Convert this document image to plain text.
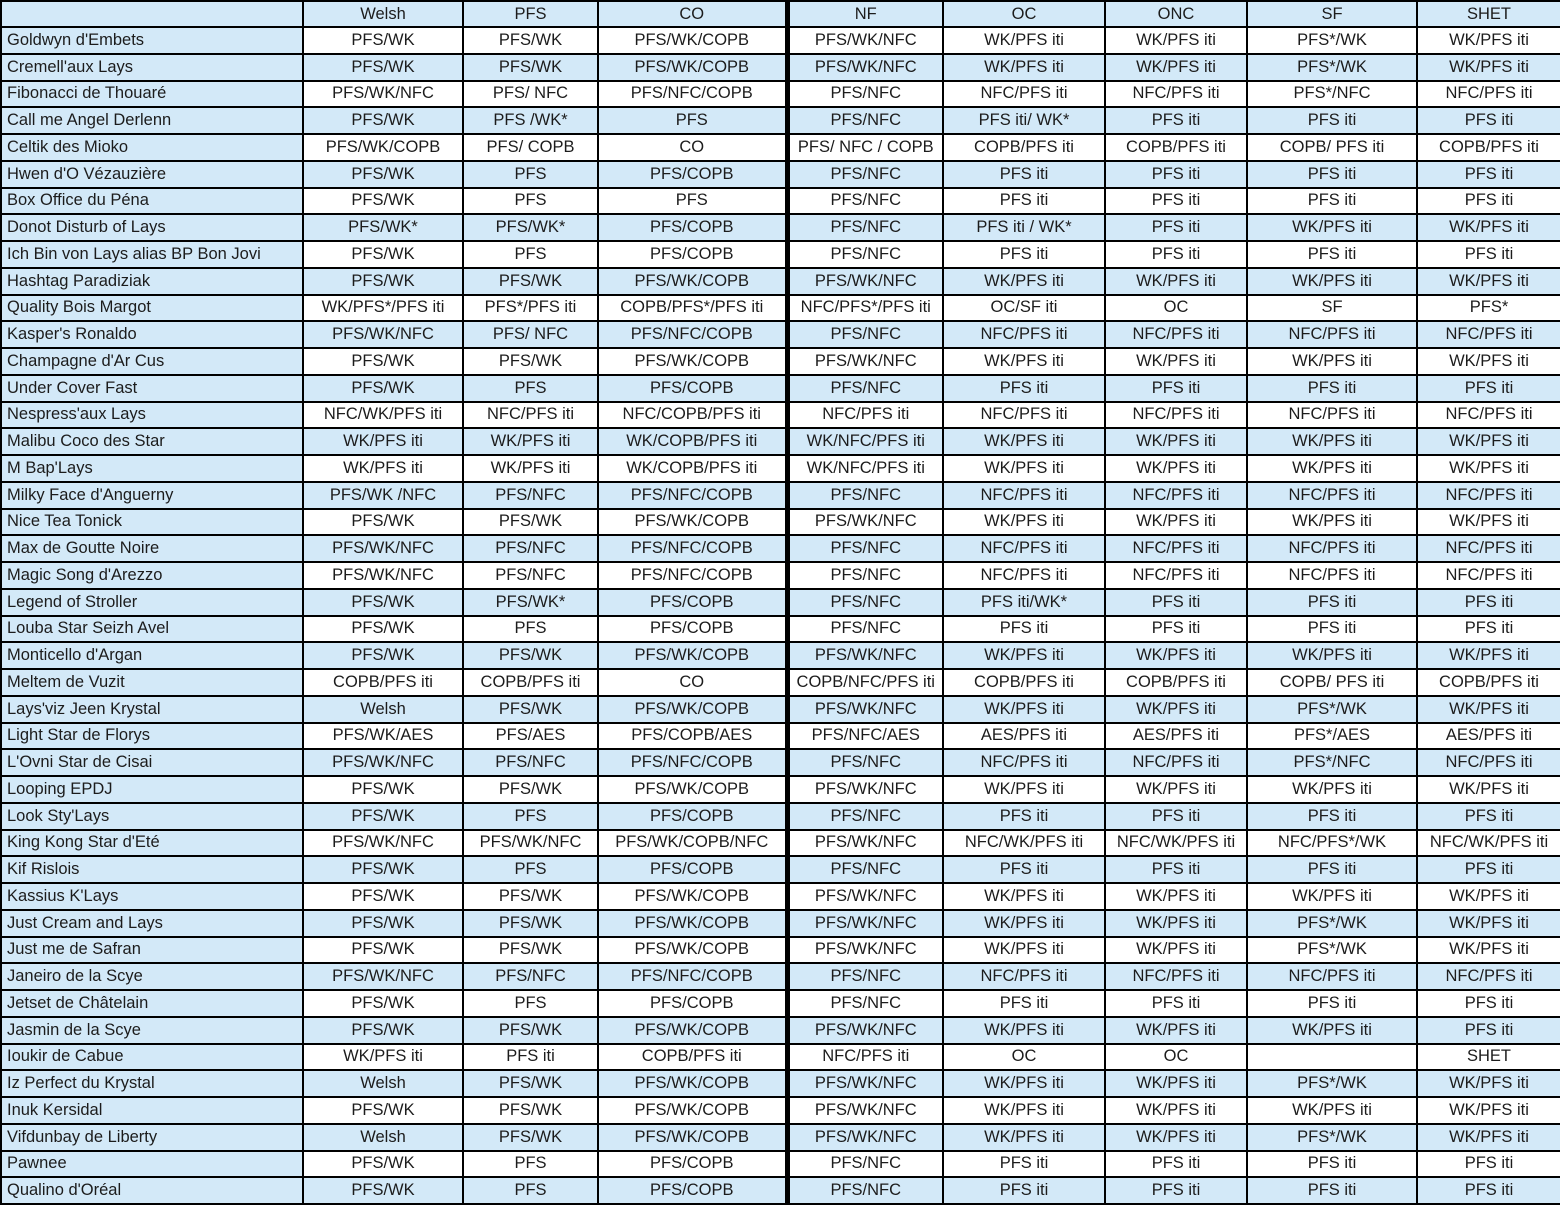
	Welsh	PFS	CO	NF	OC	ONC	SF	SHET
Goldwyn d'Embets	PFS/WK	PFS/WK	PFS/WK/COPB	PFS/WK/NFC	WK/PFS iti	WK/PFS iti	PFS*/WK	WK/PFS iti
Cremell'aux Lays	PFS/WK	PFS/WK	PFS/WK/COPB	PFS/WK/NFC	WK/PFS iti	WK/PFS iti	PFS*/WK	WK/PFS iti
Fibonacci de Thouaré	PFS/WK/NFC	PFS/ NFC	PFS/NFC/COPB	PFS/NFC	NFC/PFS iti	NFC/PFS iti	PFS*/NFC	NFC/PFS iti
Call me Angel Derlenn	PFS/WK	PFS /WK*	PFS	PFS/NFC	PFS iti/ WK*	PFS iti	PFS iti	PFS iti
Celtik des Mioko	PFS/WK/COPB	PFS/ COPB	CO	PFS/ NFC / COPB	COPB/PFS iti	COPB/PFS iti	COPB/ PFS iti	COPB/PFS iti
Hwen d'O Vézauzière	PFS/WK	PFS	PFS/COPB	PFS/NFC	PFS iti	PFS iti	PFS iti	PFS iti
Box Office du Péna	PFS/WK	PFS	PFS	PFS/NFC	PFS iti	PFS iti	PFS iti	PFS iti
Donot Disturb of Lays	PFS/WK*	PFS/WK*	PFS/COPB	PFS/NFC	PFS iti / WK*	PFS iti	WK/PFS iti	WK/PFS iti
Ich Bin von Lays alias BP Bon Jovi	PFS/WK	PFS	PFS/COPB	PFS/NFC	PFS iti	PFS iti	PFS iti	PFS iti
Hashtag Paradiziak	PFS/WK	PFS/WK	PFS/WK/COPB	PFS/WK/NFC	WK/PFS iti	WK/PFS iti	WK/PFS iti	WK/PFS iti
Quality Bois Margot	WK/PFS*/PFS iti	PFS*/PFS iti	COPB/PFS*/PFS iti	NFC/PFS*/PFS iti	OC/SF iti	OC	SF	PFS*
Kasper's Ronaldo	PFS/WK/NFC	PFS/ NFC	PFS/NFC/COPB	PFS/NFC	NFC/PFS iti	NFC/PFS iti	NFC/PFS iti	NFC/PFS iti
Champagne d'Ar Cus	PFS/WK	PFS/WK	PFS/WK/COPB	PFS/WK/NFC	WK/PFS iti	WK/PFS iti	WK/PFS iti	WK/PFS iti
Under Cover Fast	PFS/WK	PFS	PFS/COPB	PFS/NFC	PFS iti	PFS iti	PFS iti	PFS iti
Nespress'aux Lays	NFC/WK/PFS iti	NFC/PFS iti	NFC/COPB/PFS iti	NFC/PFS iti	NFC/PFS iti	NFC/PFS iti	NFC/PFS iti	NFC/PFS iti
Malibu Coco des Star	WK/PFS iti	WK/PFS iti	WK/COPB/PFS iti	WK/NFC/PFS iti	WK/PFS iti	WK/PFS iti	WK/PFS iti	WK/PFS iti
M Bap'Lays	WK/PFS iti	WK/PFS iti	WK/COPB/PFS iti	WK/NFC/PFS iti	WK/PFS iti	WK/PFS iti	WK/PFS iti	WK/PFS iti
Milky Face d'Anguerny	PFS/WK /NFC	PFS/NFC	PFS/NFC/COPB	PFS/NFC	NFC/PFS iti	NFC/PFS iti	NFC/PFS iti	NFC/PFS iti
Nice Tea Tonick	PFS/WK	PFS/WK	PFS/WK/COPB	PFS/WK/NFC	WK/PFS iti	WK/PFS iti	WK/PFS iti	WK/PFS iti
Max de Goutte Noire	PFS/WK/NFC	PFS/NFC	PFS/NFC/COPB	PFS/NFC	NFC/PFS iti	NFC/PFS iti	NFC/PFS iti	NFC/PFS iti
Magic Song d'Arezzo	PFS/WK/NFC	PFS/NFC	PFS/NFC/COPB	PFS/NFC	NFC/PFS iti	NFC/PFS iti	NFC/PFS iti	NFC/PFS iti
Legend of Stroller	PFS/WK	PFS/WK*	PFS/COPB	PFS/NFC	PFS iti/WK*	PFS iti	PFS iti	PFS iti
Louba Star Seizh Avel	PFS/WK	PFS	PFS/COPB	PFS/NFC	PFS iti	PFS iti	PFS iti	PFS iti
Monticello d'Argan	PFS/WK	PFS/WK	PFS/WK/COPB	PFS/WK/NFC	WK/PFS iti	WK/PFS iti	WK/PFS iti	WK/PFS iti
Meltem de Vuzit	COPB/PFS iti	COPB/PFS iti	CO	COPB/NFC/PFS iti	COPB/PFS iti	COPB/PFS iti	COPB/ PFS iti	COPB/PFS iti
Lays'viz Jeen Krystal	Welsh	PFS/WK	PFS/WK/COPB	PFS/WK/NFC	WK/PFS iti	WK/PFS iti	PFS*/WK	WK/PFS iti
Light Star de Florys	PFS/WK/AES	PFS/AES	PFS/COPB/AES	PFS/NFC/AES	AES/PFS iti	AES/PFS iti	PFS*/AES	AES/PFS iti
L'Ovni Star de Cisai	PFS/WK/NFC	PFS/NFC	PFS/NFC/COPB	PFS/NFC	NFC/PFS iti	NFC/PFS iti	PFS*/NFC	NFC/PFS iti
Looping EPDJ	PFS/WK	PFS/WK	PFS/WK/COPB	PFS/WK/NFC	WK/PFS iti	WK/PFS iti	WK/PFS iti	WK/PFS iti
Look Sty'Lays	PFS/WK	PFS	PFS/COPB	PFS/NFC	PFS iti	PFS iti	PFS iti	PFS iti
King Kong Star d'Eté	PFS/WK/NFC	PFS/WK/NFC	PFS/WK/COPB/NFC	PFS/WK/NFC	NFC/WK/PFS iti	NFC/WK/PFS iti	NFC/PFS*/WK	NFC/WK/PFS iti
Kif Rislois	PFS/WK	PFS	PFS/COPB	PFS/NFC	PFS iti	PFS iti	PFS iti	PFS iti
Kassius K'Lays	PFS/WK	PFS/WK	PFS/WK/COPB	PFS/WK/NFC	WK/PFS iti	WK/PFS iti	WK/PFS iti	WK/PFS iti
Just Cream and Lays	PFS/WK	PFS/WK	PFS/WK/COPB	PFS/WK/NFC	WK/PFS iti	WK/PFS iti	PFS*/WK	WK/PFS iti
Just me de Safran	PFS/WK	PFS/WK	PFS/WK/COPB	PFS/WK/NFC	WK/PFS iti	WK/PFS iti	PFS*/WK	WK/PFS iti
Janeiro de la Scye	PFS/WK/NFC	PFS/NFC	PFS/NFC/COPB	PFS/NFC	NFC/PFS iti	NFC/PFS iti	NFC/PFS iti	NFC/PFS iti
Jetset de Châtelain	PFS/WK	PFS	PFS/COPB	PFS/NFC	PFS iti	PFS iti	PFS iti	PFS iti
Jasmin de la Scye	PFS/WK	PFS/WK	PFS/WK/COPB	PFS/WK/NFC	WK/PFS iti	WK/PFS iti	WK/PFS iti	PFS iti
Ioukir de Cabue	WK/PFS iti	PFS iti	COPB/PFS iti	NFC/PFS iti	OC	OC		SHET
Iz Perfect du Krystal	Welsh	PFS/WK	PFS/WK/COPB	PFS/WK/NFC	WK/PFS iti	WK/PFS iti	PFS*/WK	WK/PFS iti
Inuk Kersidal	PFS/WK	PFS/WK	PFS/WK/COPB	PFS/WK/NFC	WK/PFS iti	WK/PFS iti	WK/PFS iti	WK/PFS iti
Vifdunbay de Liberty	Welsh	PFS/WK	PFS/WK/COPB	PFS/WK/NFC	WK/PFS iti	WK/PFS iti	PFS*/WK	WK/PFS iti
Pawnee	PFS/WK	PFS	PFS/COPB	PFS/NFC	PFS iti	PFS iti	PFS iti	PFS iti
Qualino d'Oréal	PFS/WK	PFS	PFS/COPB	PFS/NFC	PFS iti	PFS iti	PFS iti	PFS iti
